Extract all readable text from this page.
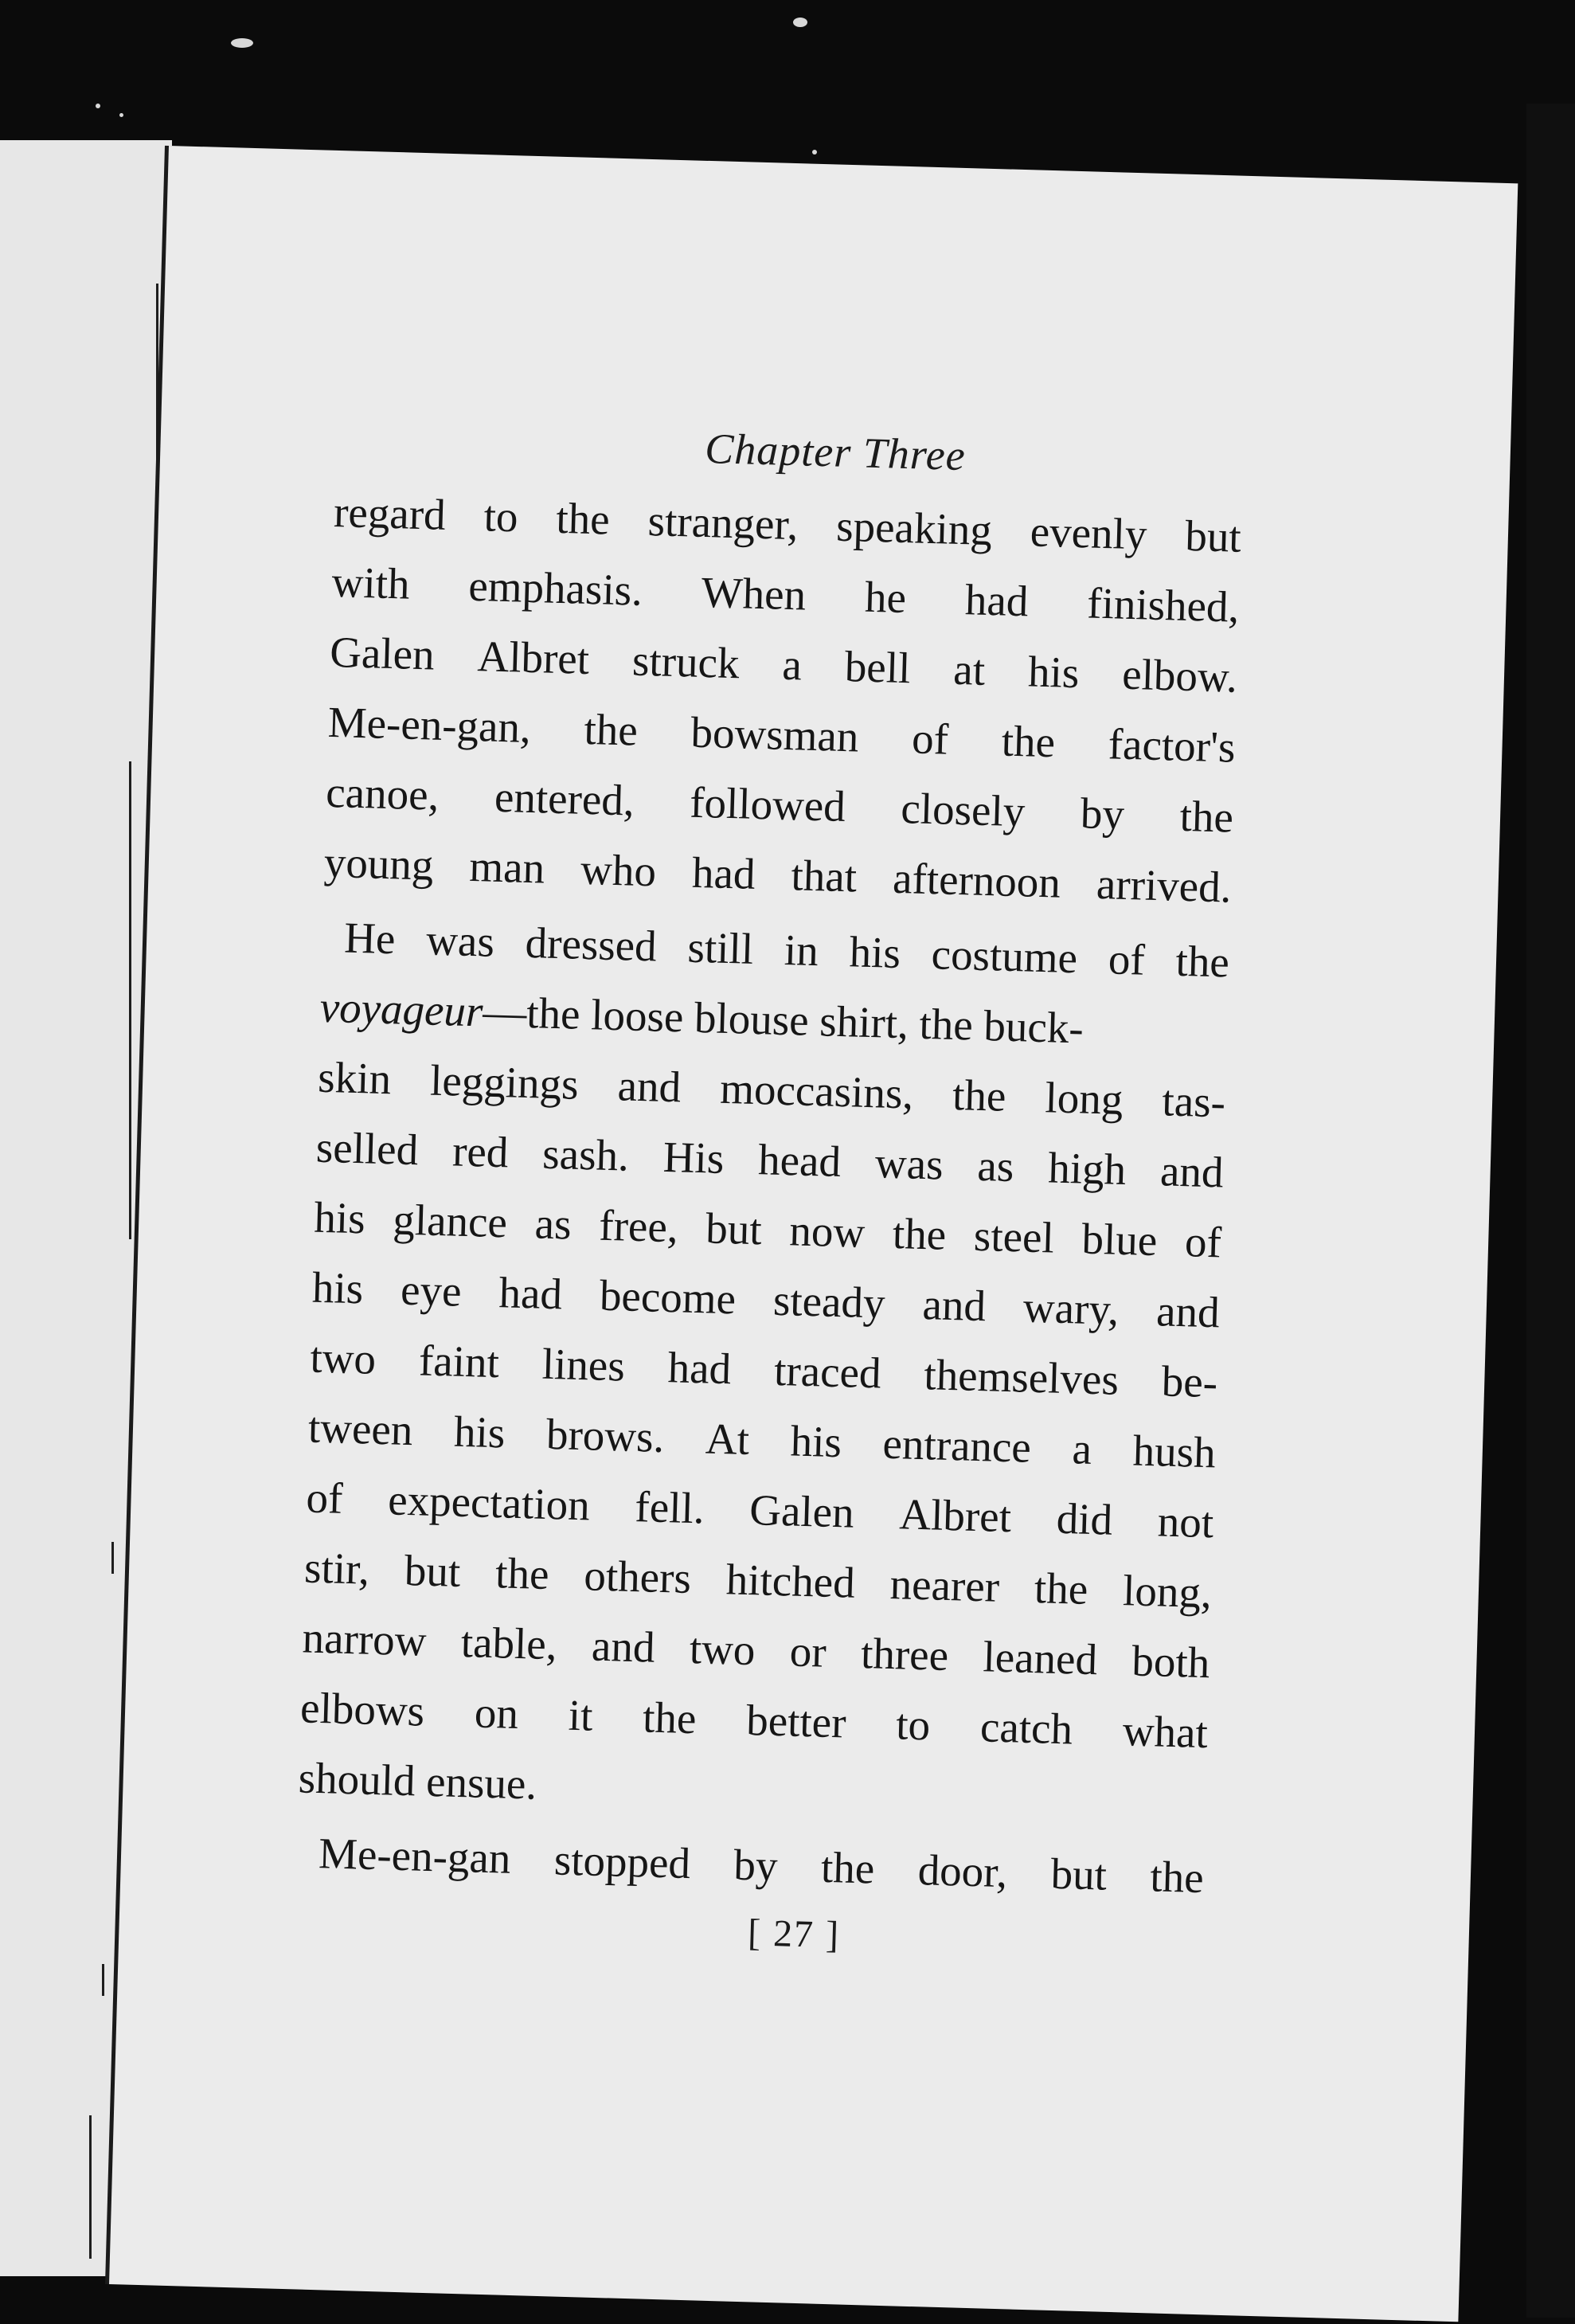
Chapter Three
regard to the stranger, speaking evenly but
with emphasis. When he had finished,
Galen Albret struck a bell at his elbow.
Me-en-gan, the bowsman of the factor's
canoe, entered, followed closely by the
young man who had that afternoon arrived.
He was dressed still in his costume of the
voyageur
—the loose blouse shirt, the buck-
skin leggings and moccasins, the long tas-
selled red sash. His head was as high and
his glance as free, but now the steel blue of
his eye had become steady and wary, and
two faint lines had traced themselves be-
tween his brows. At his entrance a hush
of expectation fell. Galen Albret did not
stir, but the others hitched nearer the long,
narrow table, and two or three leaned both
elbows on it the better to catch what
should ensue.
Me-en-gan stopped by the door, but the
[ 27 ]
